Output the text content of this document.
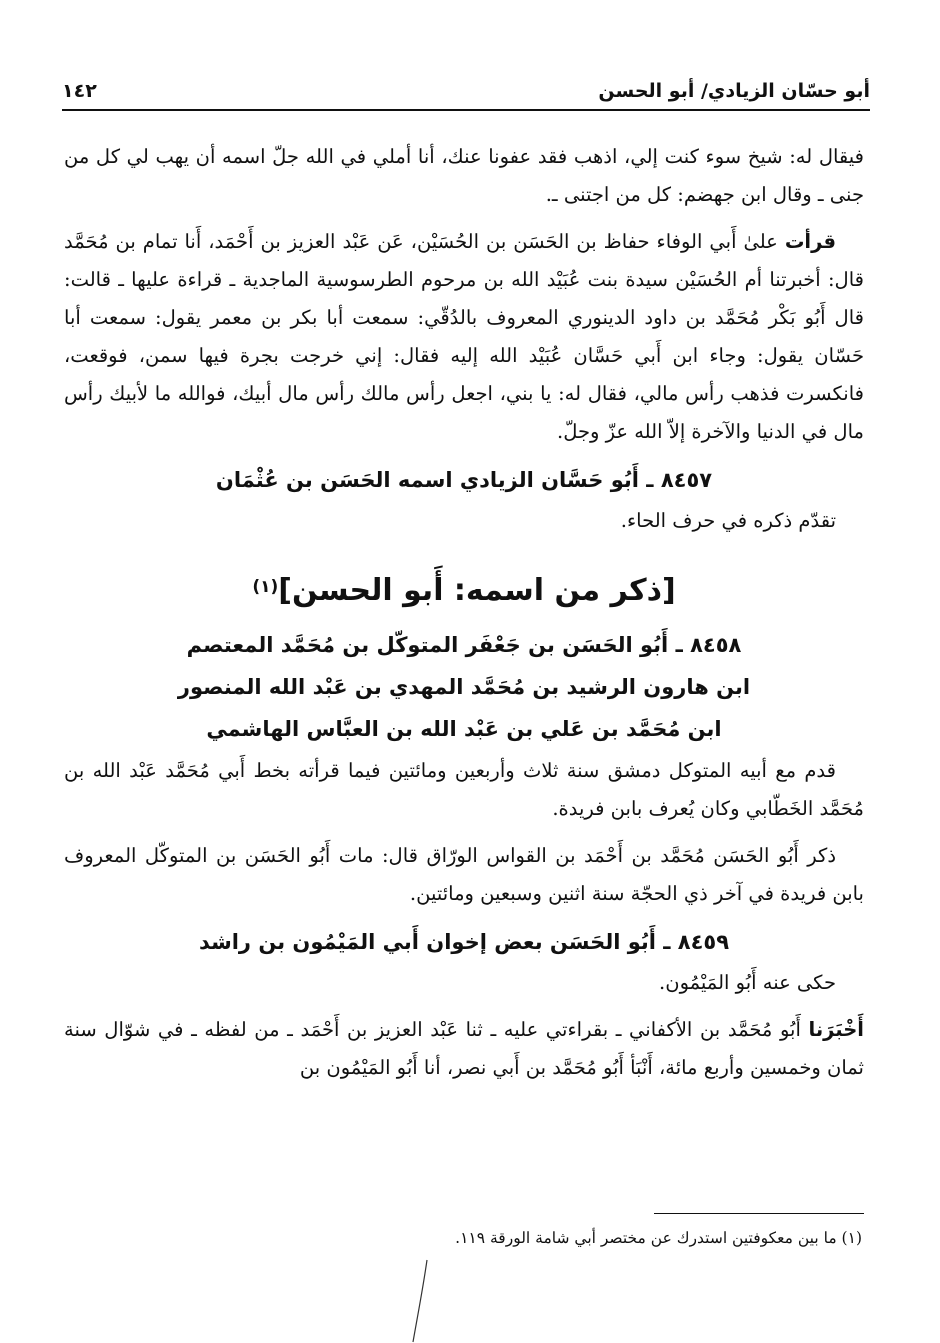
أبو حسّان الزيادي/ أبو الحسن
١٤٢

فيقال له: شيخ سوء كنت إلي، اذهب فقد عفونا عنك، أنا أملي في الله جلّ اسمه أن يهب لي كل من جنى ـ وقال ابن جهضم: كل من اجتنى ـ.

قرأت علىٰ أَبي الوفاء حفاظ بن الحَسَن بن الحُسَيْن، عَن عَبْد العزيز بن أَحْمَد، أَنا تمام بن مُحَمَّد قال: أخبرتنا أم الحُسَيْن سيدة بنت عُبَيْد الله بن مرحوم الطرسوسية الماجدية ـ قراءة عليها ـ قالت: قال أَبُو بَكْر مُحَمَّد بن داود الدينوري المعروف بالدُقّي: سمعت أبا بكر بن معمر يقول: سمعت أبا حَسّان يقول: وجاء ابن أَبي حَسَّان عُبَيْد الله إليه فقال: إني خرجت بجرة فيها سمن، فوقعت، فانكسرت فذهب رأس مالي، فقال له: يا بني، اجعل رأس مالك رأس مال أبيك، فوالله ما لأبيك رأس مال في الدنيا والآخرة إلاّ الله عزّ وجلّ.

٨٤٥٧ ـ أَبُو حَسَّان الزيادي اسمه الحَسَن بن عُثْمَان

تقدّم ذكره في حرف الحاء.

[ذكر من اسمه: أَبو الحسن]$^{(١)}$
٨٤٥٨ ـ أَبُو الحَسَن بن جَعْفَر المتوكّل بن مُحَمَّد المعتصم
ابن هارون الرشيد بن مُحَمَّد المهدي بن عَبْد الله المنصور
ابن مُحَمَّد بن عَلي بن عَبْد الله بن العبَّاس الهاشمي

قدم مع أبيه المتوكل دمشق سنة ثلاث وأربعين ومائتين فيما قرأته بخط أَبي مُحَمَّد عَبْد الله بن مُحَمَّد الخَطّابي وكان يُعرف بابن فريدة.

ذكر أَبُو الحَسَن مُحَمَّد بن أَحْمَد بن القواس الورّاق قال: مات أَبُو الحَسَن بن المتوكّل المعروف بابن فريدة في آخر ذي الحجّة سنة اثنين وسبعين ومائتين.

٨٤٥٩ ـ أَبُو الحَسَن بعض إخوان أَبي المَيْمُون بن راشد

حكى عنه أَبُو المَيْمُون.

أَخْبَرَنا أَبُو مُحَمَّد بن الأكفاني ـ بقراءتي عليه ـ ثنا عَبْد العزيز بن أَحْمَد ـ من لفظه ـ في شوّال سنة ثمان وخمسين وأربع مائة، أَنْبَأ أَبُو مُحَمَّد بن أَبي نصر، أنا أَبُو المَيْمُون بن

(١) ما بين معكوفتين استدرك عن مختصر أبي شامة الورقة ١١٩.
